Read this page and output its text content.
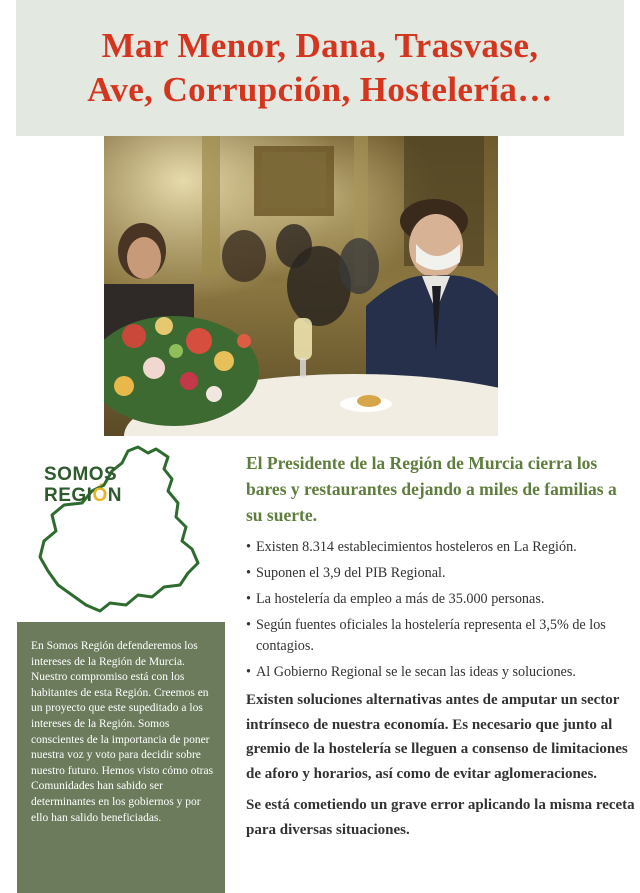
Mar Menor, Dana, Trasvase,
Ave, Corrupción, Hostelería…
SOMOS
REGIÓN
En Somos Región defenderemos los intereses de la Región de Murcia. Nuestro compromiso está con los habitantes de esta Región. Creemos en un proyecto que este supeditado a los intereses de la Región. Somos conscientes de la importancia de poner nuestra voz y voto para decidir sobre nuestro futuro. Hemos visto cómo otras Comunidades han sabido ser determinantes en los gobiernos y por ello han salido beneficiadas.

El Presidente de la Región de Murcia cierra los bares y restaurantes dejando a miles de familias a su suerte.

• Existen 8.314 establecimientos hosteleros en La Región.
• Suponen el 3,9 del PIB Regional.
• La hostelería da empleo a más de 35.000 personas.
• Según fuentes oficiales la hostelería representa el 3,5% de los contagios.
• Al Gobierno Regional se le secan las ideas y soluciones.

Existen soluciones alternativas antes de amputar un sector intrínseco de nuestra economía. Es necesario que junto al gremio de la hostelería se lleguen a consenso de limitaciones de aforo y horarios, así como de evitar aglomeraciones.

Se está cometiendo un grave error aplicando la misma receta para diversas situaciones.
